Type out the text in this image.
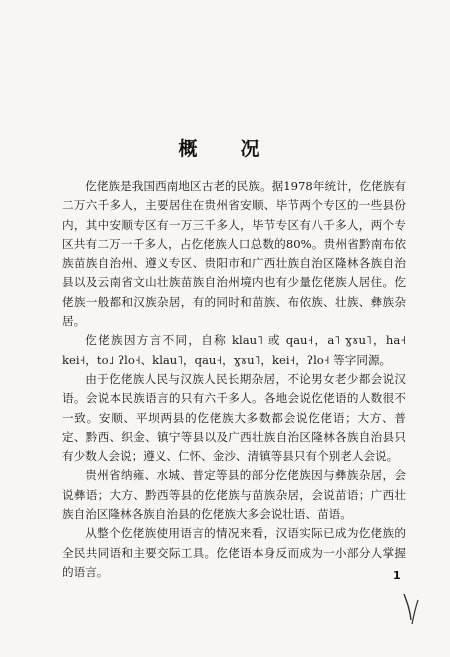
概　况

仡佬族是我国西南地区古老的民族。据1978年统计，仡佬族有二万六千多人，主要居住在贵州省安顺、毕节两个专区的一些县份内，其中安顺专区有一万三千多人，毕节专区有八千多人，两个专区共有二万一千多人，占仡佬族人口总数的80%。贵州省黔南布依族苗族自治州、遵义专区、贵阳市和广西壮族自治区隆林各族自治县以及云南省文山壮族苗族自治州境内也有少量仡佬族人居住。仡佬族一般都和汉族杂居，有的同时和苗族、布依族、壮族、彝族杂居。

仡佬族因方言不同，自称 klau˥ 或 qau˧，a˥ ɣɤu˥，ha˧ kei˧，to˩ ʔlo˧、klau˥，qau˧，ɣɤu˥，kei˧，ʔlo˧ 等字同源。

由于仡佬族人民与汉族人民长期杂居，不论男女老少都会说汉语。会说本民族语言的只有六千多人。各地会说仡佬语的人数很不一致。安顺、平坝两县的仡佬族大多数都会说仡佬语；大方、普定、黔西、织金、镇宁等县以及广西壮族自治区隆林各族自治县只有少数人会说；遵义、仁怀、金沙、清镇等县只有个别老人会说。

贵州省纳雍、水城、普定等县的部分仡佬族因与彝族杂居，会说彝语；大方、黔西等县的仡佬族与苗族杂居，会说苗语；广西壮族自治区隆林各族自治县的仡佬族大多会说壮语、苗语。

从整个仡佬族使用语言的情况来看，汉语实际已成为仡佬族的全民共同语和主要交际工具。仡佬语本身反而成为一小部分人掌握的语言。	1
